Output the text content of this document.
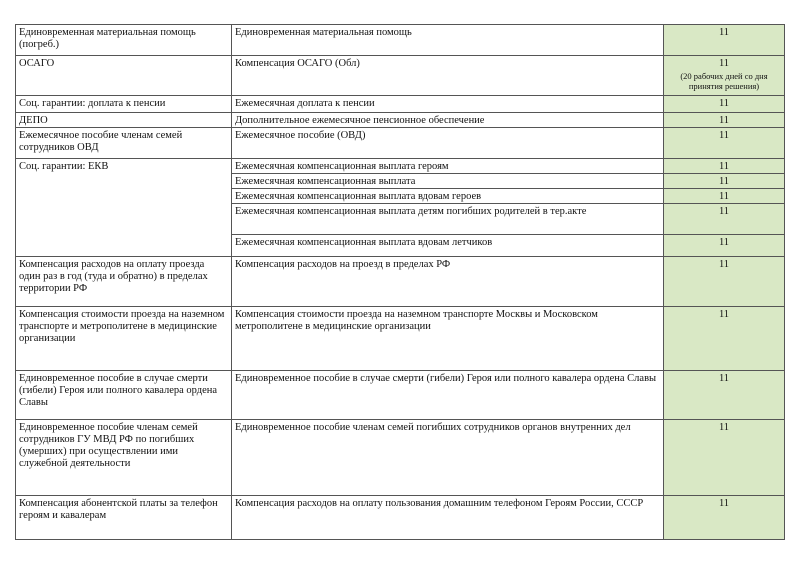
Единовременная материальная помощь (погреб.)	Единовременная материальная помощь	11
ОСАГО	Компенсация ОСАГО (Обл)	11
(20 рабочих дней со дня принятия решения)

Соц. гарантии: доплата к пенсии	Ежемесячная доплата к пенсии	11
ДЕПО	Дополнительное ежемесячное пенсионное обеспечение	11
Ежемесячное пособие членам семей сотрудников ОВД	Ежемесячное пособие (ОВД)	11
Соц. гарантии: ЕКВ	Ежемесячная компенсационная выплата героям	11
	Ежемесячная компенсационная выплата	11
	Ежемесячная компенсационная выплата вдовам героев	11
	Ежемесячная компенсационная выплата детям погибших родителей в тер.акте	11
	Ежемесячная компенсационная выплата вдовам летчиков	11
Компенсация расходов на оплату проезда один раз в год (туда и обратно) в пределах территории РФ	Компенсация расходов на проезд в пределах РФ	11
Компенсация стоимости проезда на наземном транспорте и метрополитене в медицинские организации	Компенсация стоимости проезда на наземном транспорте Москвы и Московском метрополитене в медицинские организации	11
Единовременное пособие в случае смерти (гибели) Героя или полного кавалера ордена Славы	Единовременное пособие в случае смерти (гибели) Героя или полного кавалера ордена Славы	11
Единовременное пособие членам семей сотрудников ГУ МВД РФ по погибших (умерших) при осуществлении ими служебной деятельности	Единовременное пособие членам семей погибших сотрудников органов внутренних дел	11
Компенсация абонентской платы за телефон героям и кавалерам	Компенсация расходов на оплату пользования домашним телефоном Героям России, СССР	11
